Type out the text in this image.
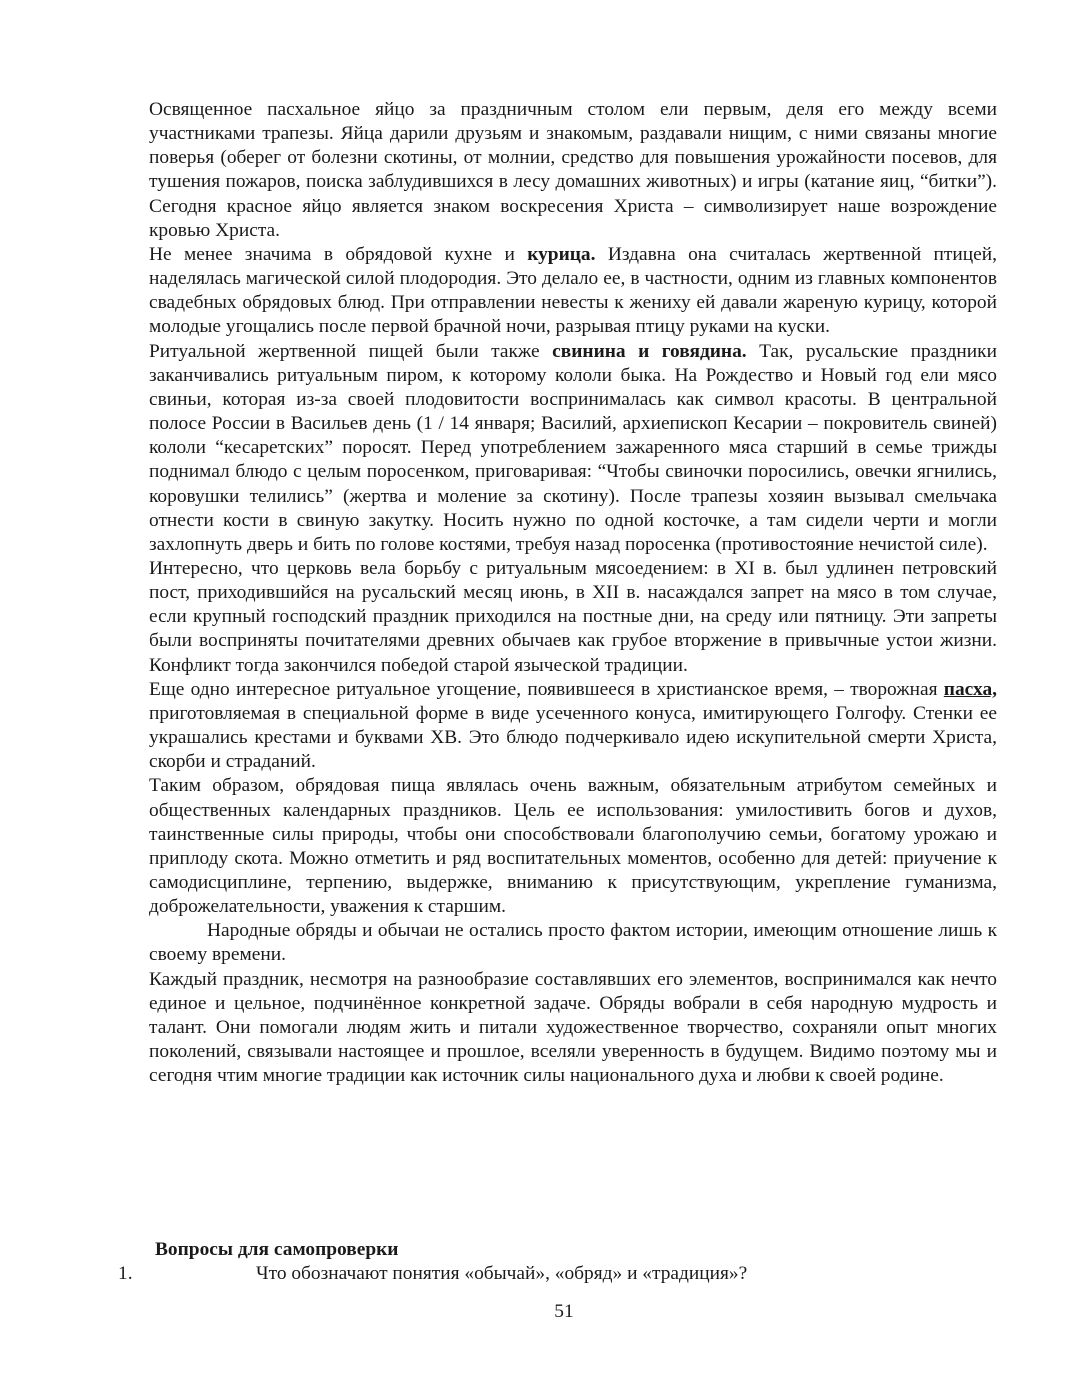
Освященное пасхальное яйцо за праздничным столом ели первым, деля его между всеми участниками трапезы. Яйца дарили друзьям и знакомым, раздавали нищим, с ними связаны многие поверья (оберег от болезни скотины, от молнии, средство для повышения урожайности посевов, для тушения пожаров, поиска заблудившихся в лесу домашних животных) и игры (катание яиц, “битки”). Сегодня красное яйцо является знаком воскресения Христа – символизирует наше возрождение кровью Христа.

Не менее значима в обрядовой кухне и курица. Издавна она считалась жертвенной птицей, наделялась магической силой плодородия. Это делало ее, в частности, одним из главных компонентов свадебных обрядовых блюд. При отправлении невесты к жениху ей давали жареную курицу, которой молодые угощались после первой брачной ночи, разрывая птицу руками на куски.

Ритуальной жертвенной пищей были также свинина и говядина. Так, русальские праздники заканчивались ритуальным пиром, к которому кололи быка. На Рождество и Новый год ели мясо свиньи, которая из-за своей плодовитости воспринималась как символ красоты. В центральной полосе России в Васильев день (1 / 14 января; Василий, архиепископ Кесарии – покровитель свиней) кололи “кесаретских” поросят. Перед употреблением зажаренного мяса старший в семье трижды поднимал блюдо с целым поросенком, приговаривая: “Чтобы свиночки поросились, овечки ягнились, коровушки телились” (жертва и моление за скотину). После трапезы хозяин вызывал смельчака отнести кости в свиную закутку. Носить нужно по одной косточке, а там сидели черти и могли захлопнуть дверь и бить по голове костями, требуя назад поросенка (противостояние нечистой силе).

Интересно, что церковь вела борьбу с ритуальным мясоедением: в XI в. был удлинен петровский пост, приходившийся на русальский месяц июнь, в XII в. насаждался запрет на мясо в том случае, если крупный господский праздник приходился на постные дни, на среду или пятницу. Эти запреты были восприняты почитателями древних обычаев как грубое вторжение в привычные устои жизни. Конфликт тогда закончился победой старой языческой традиции.

Еще одно интересное ритуальное угощение, появившееся в христианское время, – творожная пасха, приготовляемая в специальной форме в виде усеченного конуса, имитирующего Голгофу. Стенки ее украшались крестами и буквами ХВ. Это блюдо подчеркивало идею искупительной смерти Христа, скорби и страданий.

Таким образом, обрядовая пища являлась очень важным, обязательным атрибутом семейных и общественных календарных праздников. Цель ее использования: умилостивить богов и духов, таинственные силы природы, чтобы они способствовали благополучию семьи, богатому урожаю и приплоду скота. Можно отметить и ряд воспитательных моментов, особенно для детей: приучение к самодисциплине, терпению, выдержке, вниманию к присутствующим, укрепление гуманизма, доброжелательности, уважения к старшим.

Народные обряды и обычаи не остались просто фактом истории, имеющим отношение лишь к своему времени.

Каждый праздник, несмотря на разнообразие составлявших его элементов, воспринимался как нечто единое и цельное, подчинённое конкретной задаче. Обряды вобрали в себя народную мудрость и талант. Они помогали людям жить и питали художественное творчество, сохраняли опыт многих поколений, связывали настоящее и прошлое, вселяли уверенность в будущем. Видимо поэтому мы и сегодня чтим многие традиции как источник силы национального духа и любви к своей родине.

Вопросы для самопроверки
1.	Что обозначают понятия «обычай», «обряд» и «традиция»?
51
